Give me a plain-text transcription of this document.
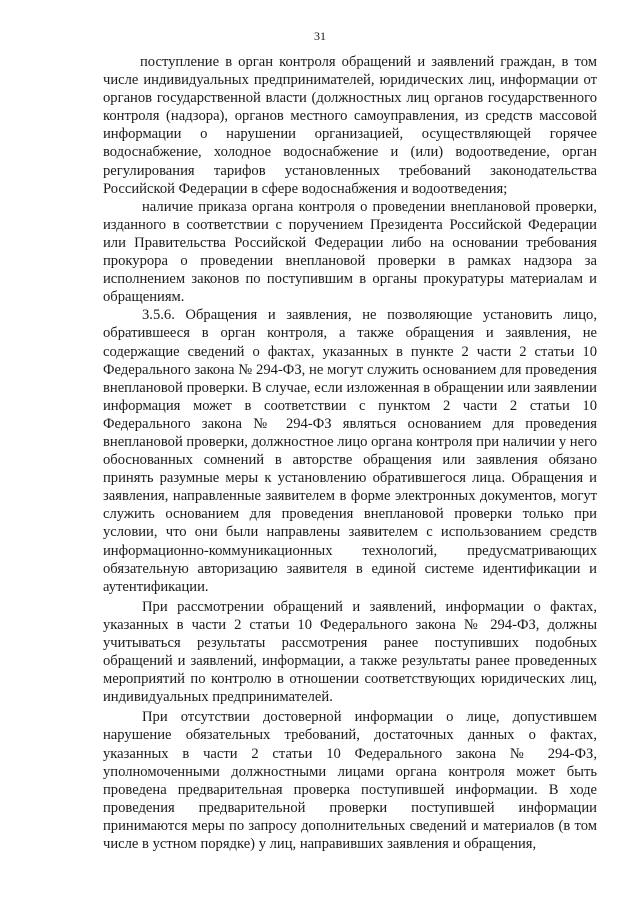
31

поступление в орган контроля обращений и заявлений граждан, в том числе индивидуальных предпринимателей, юридических лиц, информации от органов государственной власти (должностных лиц органов государственного контроля (надзора), органов местного самоуправления, из средств массовой информации о нарушении организацией, осуществляющей горячее водоснабжение, холодное водоснабжение и (или) водоотведение, орган регулирования тарифов установленных требований законодательства Российской Федерации в сфере водоснабжения и водоотведения;

наличие приказа органа контроля о проведении внеплановой проверки, изданного в соответствии с поручением Президента Российской Федерации или Правительства Российской Федерации либо на основании требования прокурора о проведении внеплановой проверки в рамках надзора за исполнением законов по поступившим в органы прокуратуры материалам и обращениям.

3.5.6. Обращения и заявления, не позволяющие установить лицо, обратившееся в орган контроля, а также обращения и заявления, не содержащие сведений о фактах, указанных в пункте 2 части 2 статьи 10 Федерального закона № 294-ФЗ, не могут служить основанием для проведения внеплановой проверки. В случае, если изложенная в обращении или заявлении информация может в соответствии с пунктом 2 части 2 статьи 10 Федерального закона № 294-ФЗ являться основанием для проведения внеплановой проверки, должностное лицо органа контроля при наличии у него обоснованных сомнений в авторстве обращения или заявления обязано принять разумные меры к установлению обратившегося лица. Обращения и заявления, направленные заявителем в форме электронных документов, могут служить основанием для проведения внеплановой проверки только при условии, что они были направлены заявителем с использованием средств информационно-коммуникационных технологий, предусматривающих обязательную авторизацию заявителя в единой системе идентификации и аутентификации.

При рассмотрении обращений и заявлений, информации о фактах, указанных в части 2 статьи 10 Федерального закона № 294-ФЗ, должны учитываться результаты рассмотрения ранее поступивших подобных обращений и заявлений, информации, а также результаты ранее проведенных мероприятий по контролю в отношении соответствующих юридических лиц, индивидуальных предпринимателей.

При отсутствии достоверной информации о лице, допустившем нарушение обязательных требований, достаточных данных о фактах, указанных в части 2 статьи 10 Федерального закона № 294-ФЗ, уполномоченными должностными лицами органа контроля может быть проведена предварительная проверка поступившей информации. В ходе проведения предварительной проверки поступившей информации принимаются меры по запросу дополнительных сведений и материалов (в том числе в устном порядке) у лиц, направивших заявления и обращения,
